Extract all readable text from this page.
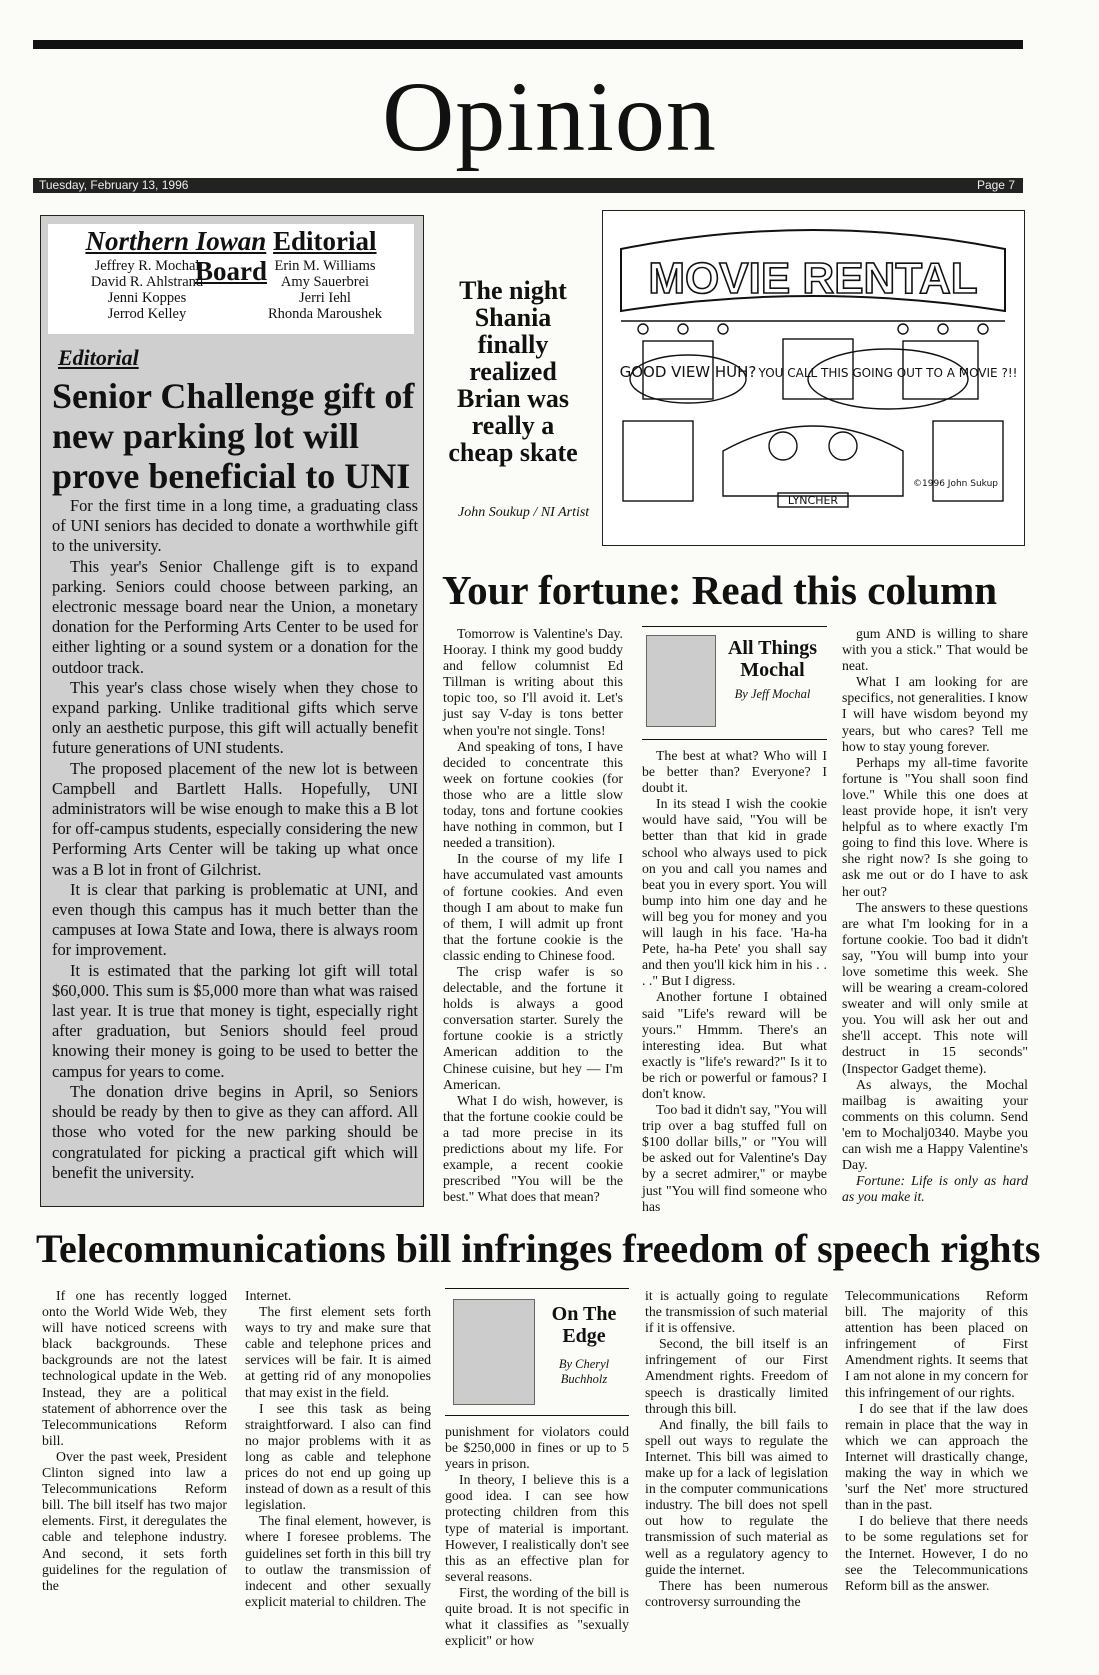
Opinion
Tuesday, February 13, 1996	Page 7
Northern Iowan Editorial Board
Jeffrey R. Mochal
David R. Ahlstrand
Jenni Koppes
Jerrod Kelley
Erin M. Williams
Amy Sauerbrei
Jerri Iehl
Rhonda Maroushek
Editorial
Senior Challenge gift of new parking lot will prove beneficial to UNI

For the first time in a long time, a graduating class of UNI seniors has decided to donate a worthwhile gift to the university.

This year's Senior Challenge gift is to expand parking. Seniors could choose between parking, an electronic message board near the Union, a monetary donation for the Performing Arts Center to be used for either lighting or a sound system or a donation for the outdoor track.

This year's class chose wisely when they chose to expand parking. Unlike traditional gifts which serve only an aesthetic purpose, this gift will actually benefit future generations of UNI students.

The proposed placement of the new lot is between Campbell and Bartlett Halls. Hopefully, UNI administrators will be wise enough to make this a B lot for off-campus students, especially considering the new Performing Arts Center will be taking up what once was a B lot in front of Gilchrist.

It is clear that parking is problematic at UNI, and even though this campus has it much better than the campuses at Iowa State and Iowa, there is always room for improvement.

It is estimated that the parking lot gift will total $60,000. This sum is $5,000 more than what was raised last year. It is true that money is tight, especially right after graduation, but Seniors should feel proud knowing their money is going to be used to better the campus for years to come.

The donation drive begins in April, so Seniors should be ready by then to give as they can afford. All those who voted for the new parking should be congratulated for picking a practical gift which will benefit the university.

The night Shania finally realized Brian was really a cheap skate
John Soukup / NI Artist
MOVIE RENTAL
GOOD VIEW HUH? YOU CALL THIS GOING OUT TO A MOVIE ?!!
LYNCHER
©1996 John Sukup
Your fortune: Read this column

Tomorrow is Valentine's Day. Hooray. I think my good buddy and fellow columnist Ed Tillman is writing about this topic too, so I'll avoid it. Let's just say V-day is tons better when you're not single. Tons!

And speaking of tons, I have decided to concentrate this week on fortune cookies (for those who are a little slow today, tons and fortune cookies have nothing in common, but I needed a transition).

In the course of my life I have accumulated vast amounts of fortune cookies. And even though I am about to make fun of them, I will admit up front that the fortune cookie is the classic ending to Chinese food.

The crisp wafer is so delectable, and the fortune it holds is always a good conversation starter. Surely the fortune cookie is a strictly American addition to the Chinese cuisine, but hey — I'm American.

What I do wish, however, is that the fortune cookie could be a tad more precise in its predictions about my life. For example, a recent cookie prescribed "You will be the best." What does that mean?

All Things Mochal
By Jeff Mochal

The best at what? Who will I be better than? Everyone? I doubt it.

In its stead I wish the cookie would have said, "You will be better than that kid in grade school who always used to pick on you and call you names and beat you in every sport. You will bump into him one day and he will beg you for money and you will laugh in his face. 'Ha-ha Pete, ha-ha Pete' you shall say and then you'll kick him in his . . . ." But I digress.

Another fortune I obtained said "Life's reward will be yours." Hmmm. There's an interesting idea. But what exactly is "life's reward?" Is it to be rich or powerful or famous? I don't know.

Too bad it didn't say, "You will trip over a bag stuffed full on $100 dollar bills," or "You will be asked out for Valentine's Day by a secret admirer," or maybe just "You will find someone who has

gum AND is willing to share with you a stick." That would be neat.

What I am looking for are specifics, not generalities. I know I will have wisdom beyond my years, but who cares? Tell me how to stay young forever.

Perhaps my all-time favorite fortune is "You shall soon find love." While this one does at least provide hope, it isn't very helpful as to where exactly I'm going to find this love. Where is she right now? Is she going to ask me out or do I have to ask her out?

The answers to these questions are what I'm looking for in a fortune cookie. Too bad it didn't say, "You will bump into your love sometime this week. She will be wearing a cream-colored sweater and will only smile at you. You will ask her out and she'll accept. This note will destruct in 15 seconds" (Inspector Gadget theme).

As always, the Mochal mailbag is awaiting your comments on this column. Send 'em to Mochalj0340. Maybe you can wish me a Happy Valentine's Day.

Fortune: Life is only as hard as you make it.

Telecommunications bill infringes freedom of speech rights

If one has recently logged onto the World Wide Web, they will have noticed screens with black backgrounds. These backgrounds are not the latest technological update in the Web. Instead, they are a political statement of abhorrence over the Telecommunications Reform bill.

Over the past week, President Clinton signed into law a Telecommunications Reform bill. The bill itself has two major elements. First, it deregulates the cable and telephone industry. And second, it sets forth guidelines for the regulation of the

Internet.

The first element sets forth ways to try and make sure that cable and telephone prices and services will be fair. It is aimed at getting rid of any monopolies that may exist in the field.

I see this task as being straightforward. I also can find no major problems with it as long as cable and telephone prices do not end up going up instead of down as a result of this legislation.

The final element, however, is where I foresee problems. The guidelines set forth in this bill try to outlaw the transmission of indecent and other sexually explicit material to children. The

On The Edge
By Cheryl Buchholz

punishment for violators could be $250,000 in fines or up to 5 years in prison.

In theory, I believe this is a good idea. I can see how protecting children from this type of material is important. However, I realistically don't see this as an effective plan for several reasons.

First, the wording of the bill is quite broad. It is not specific in what it classifies as "sexually explicit" or how

it is actually going to regulate the transmission of such material if it is offensive.

Second, the bill itself is an infringement of our First Amendment rights. Freedom of speech is drastically limited through this bill.

And finally, the bill fails to spell out ways to regulate the Internet. This bill was aimed to make up for a lack of legislation in the computer communications industry. The bill does not spell out how to regulate the transmission of such material as well as a regulatory agency to guide the internet.

There has been numerous controversy surrounding the

Telecommunications Reform bill. The majority of this attention has been placed on infringement of First Amendment rights. It seems that I am not alone in my concern for this infringement of our rights.

I do see that if the law does remain in place that the way in which we can approach the Internet will drastically change, making the way in which we 'surf the Net' more structured than in the past.

I do believe that there needs to be some regulations set for the Internet. However, I do no see the Telecommunications Reform bill as the answer.
